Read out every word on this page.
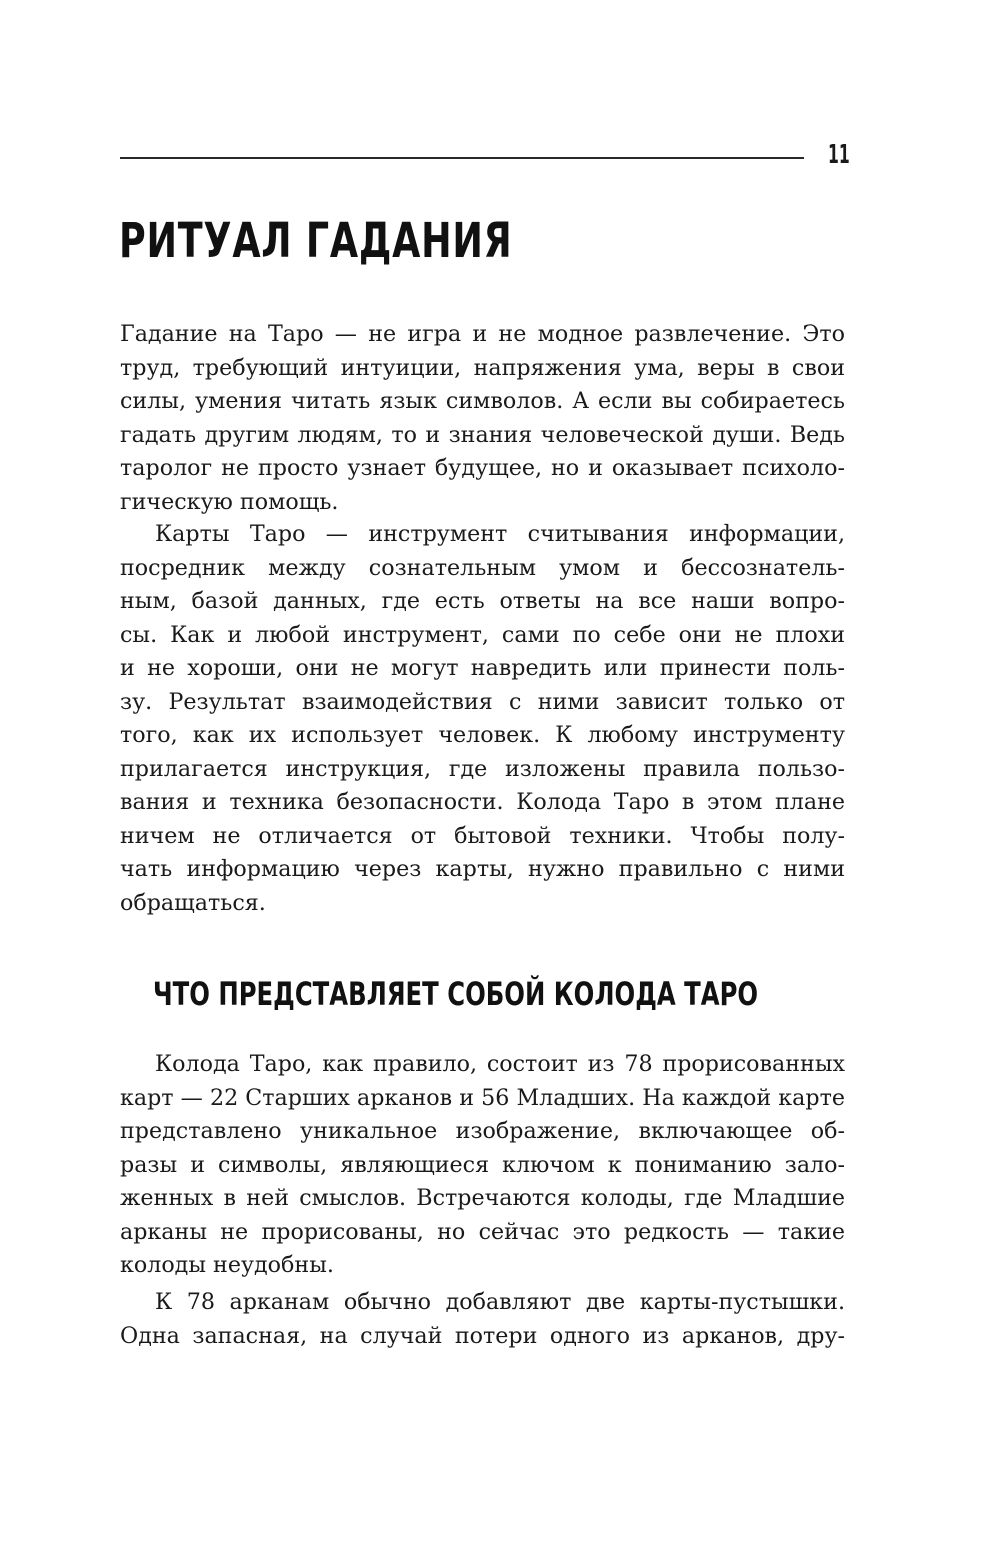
11
РИТУАЛ ГАДАНИЯ
Гадание на Таро — не игра и не модное развлечение. Это
труд, требующий интуиции, напряжения ума, веры в свои
силы, умения читать язык символов. А если вы собираетесь
гадать другим людям, то и знания человеческой души. Ведь
таролог не просто узнает будущее, но и оказывает психоло-
гическую помощь.
Карты Таро — инструмент считывания информации,
посредник между сознательным умом и бессознатель-
ным, базой данных, где есть ответы на все наши вопро-
сы. Как и любой инструмент, сами по себе они не плохи
и не хороши, они не могут навредить или принести поль-
зу. Результат взаимодействия с ними зависит только от
того, как их использует человек. К любому инструменту
прилагается инструкция, где изложены правила пользо-
вания и техника безопасности. Колода Таро в этом плане
ничем не отличается от бытовой техники. Чтобы полу-
чать информацию через карты, нужно правильно с ними
обращаться.
ЧТО ПРЕДСТАВЛЯЕТ СОБОЙ КОЛОДА ТАРО
Колода Таро, как правило, состоит из 78 прорисованных
карт — 22 Старших арканов и 56 Младших. На каждой карте
представлено уникальное изображение, включающее об-
разы и символы, являющиеся ключом к пониманию зало-
женных в ней смыслов. Встречаются колоды, где Младшие
арканы не прорисованы, но сейчас это редкость — такие
колоды неудобны.
К 78 арканам обычно добавляют две карты-пустышки.
Одна запасная, на случай потери одного из арканов, дру-
